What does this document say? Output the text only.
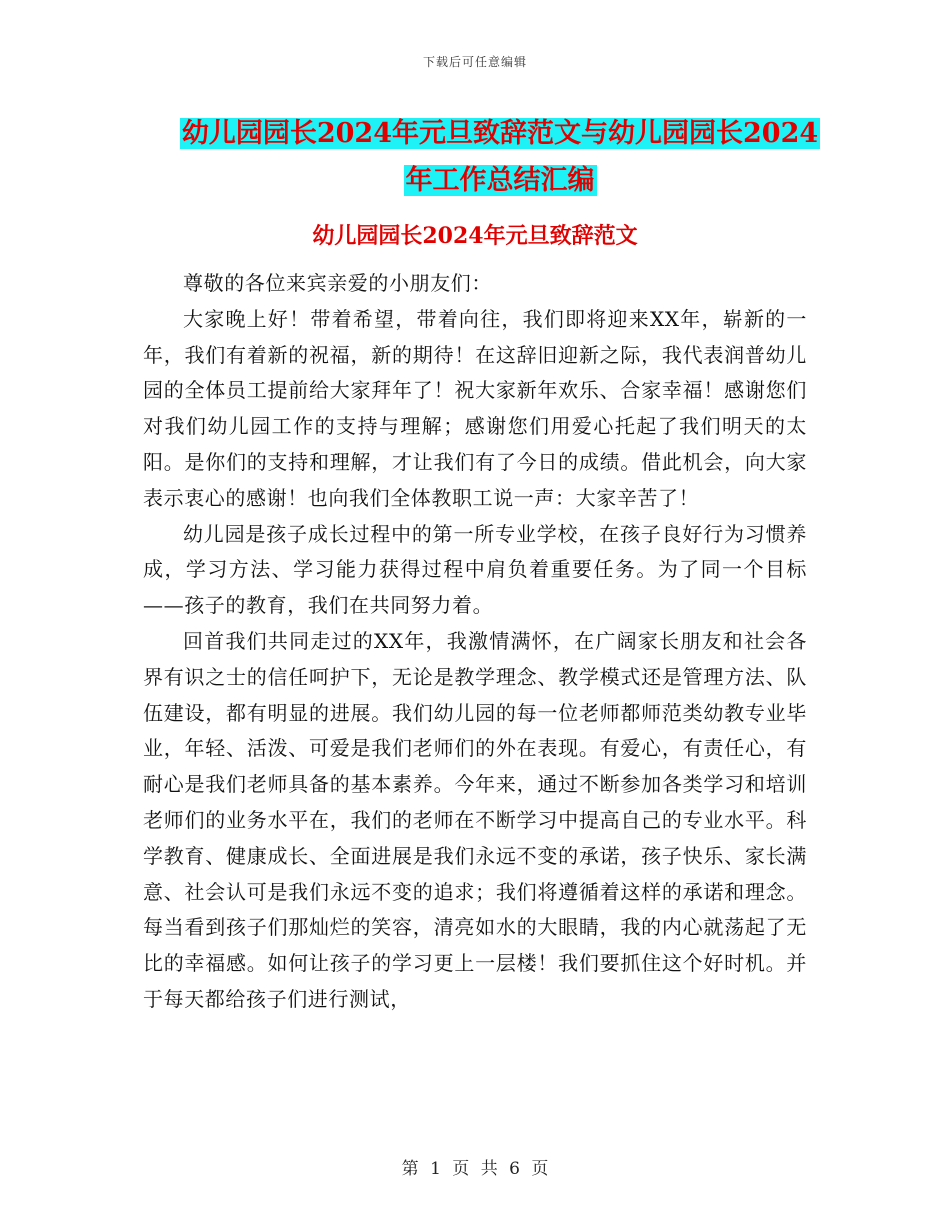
下载后可任意编辑
幼儿园园长2024年元旦致辞范文与幼儿园园长2024
年工作总结汇编
幼儿园园长2024年元旦致辞范文

尊敬的各位来宾亲爱的小朋友们：

大家晚上好！带着希望，带着向往，我们即将迎来XX年，崭新的一年，我们有着新的祝福，新的期待！在这辞旧迎新之际，我代表润普幼儿园的全体员工提前给大家拜年了！祝大家新年欢乐、合家幸福！感谢您们对我们幼儿园工作的支持与理解；感谢您们用爱心托起了我们明天的太阳。是你们的支持和理解，才让我们有了今日的成绩。借此机会，向大家表示衷心的感谢！也向我们全体教职工说一声：大家辛苦了！

幼儿园是孩子成长过程中的第一所专业学校，在孩子良好行为习惯养成，学习方法、学习能力获得过程中肩负着重要任务。为了同一个目标——孩子的教育，我们在共同努力着。

回首我们共同走过的XX年，我激情满怀，在广阔家长朋友和社会各界有识之士的信任呵护下，无论是教学理念、教学模式还是管理方法、队伍建设，都有明显的进展。我们幼儿园的每一位老师都师范类幼教专业毕业，年轻、活泼、可爱是我们老师们的外在表现。有爱心，有责任心，有耐心是我们老师具备的基本素养。今年来，通过不断参加各类学习和培训老师们的业务水平在，我们的老师在不断学习中提高自己的专业水平。科学教育、健康成长、全面进展是我们永远不变的承诺，孩子快乐、家长满意、社会认可是我们永远不变的追求；我们将遵循着这样的承诺和理念。每当看到孩子们那灿烂的笑容，清亮如水的大眼睛，我的内心就荡起了无比的幸福感。如何让孩子的学习更上一层楼！我们要抓住这个好时机。并于每天都给孩子们进行测试，

第 1 页 共 6 页
